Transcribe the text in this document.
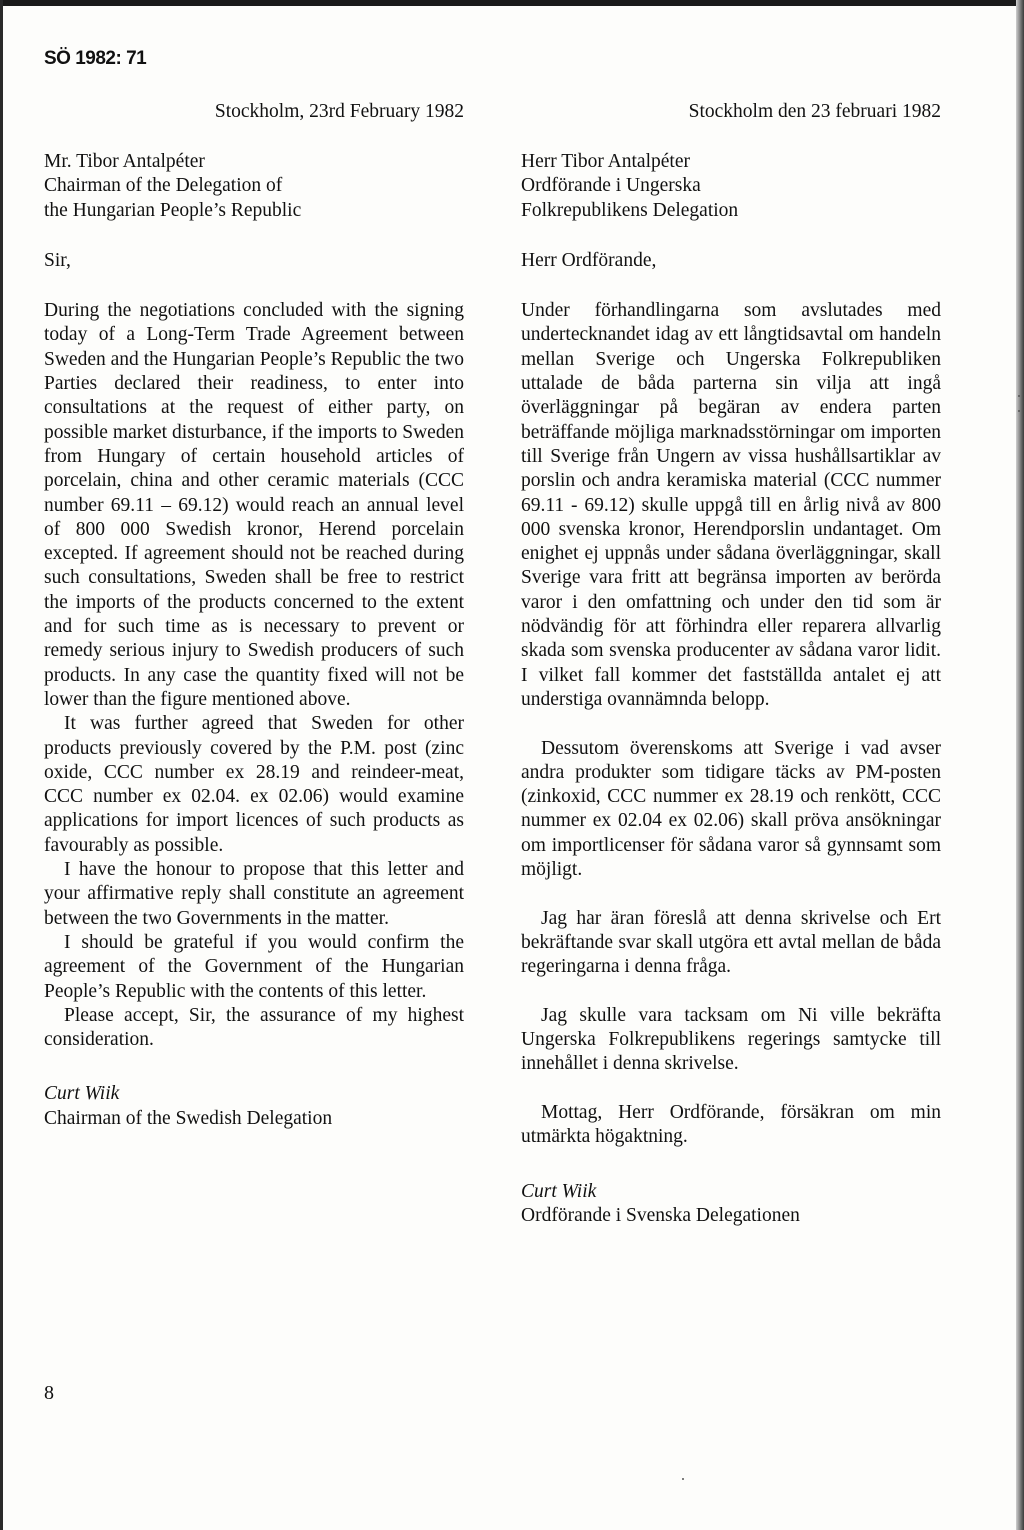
SÖ 1982: 71

Stockholm, 23rd February 1982

Mr. Tibor Antalpéter
Chairman of the Delegation of
the Hungarian People’s Republic

Sir,

During the negotiations concluded with the signing today of a Long-Term Trade Agreement between Sweden and the Hungarian People’s Republic the two Parties declared their readiness, to enter into consultations at the request of either party, on possible market disturbance, if the imports to Sweden from Hungary of certain household articles of porcelain, china and other ceramic materials (CCC number 69.11 – 69.12) would reach an annual level of 800 000 Swedish kronor, Herend porcelain excepted. If agreement should not be reached during such consultations, Sweden shall be free to restrict the imports of the products concerned to the extent and for such time as is necessary to prevent or remedy serious injury to Swedish producers of such products. In any case the quantity fixed will not be lower than the figure mentioned above.

It was further agreed that Sweden for other products previously covered by the P.M. post (zinc oxide, CCC number ex 28.19 and reindeer-meat, CCC number ex 02.04. ex 02.06) would examine applications for import licences of such products as favourably as possible.

I have the honour to propose that this letter and your affirmative reply shall constitute an agreement between the two Governments in the matter.

I should be grateful if you would confirm the agreement of the Government of the Hungarian People’s Republic with the contents of this letter.

Please accept, Sir, the assurance of my highest consideration.

Curt Wiik
Chairman of the Swedish Delegation

Stockholm den 23 februari 1982

Herr Tibor Antalpéter
Ordförande i Ungerska
Folkrepublikens Delegation

Herr Ordförande,

Under förhandlingarna som avslutades med undertecknandet idag av ett långtidsavtal om handeln mellan Sverige och Ungerska Folkrepubliken uttalade de båda parterna sin vilja att ingå överläggningar på begäran av endera parten beträffande möjliga marknadsstörningar om importen till Sverige från Ungern av vissa hushållsartiklar av porslin och andra keramiska material (CCC nummer 69.11 - 69.12) skulle uppgå till en årlig nivå av 800 000 svenska kronor, Herendporslin undantaget. Om enighet ej uppnås under sådana överläggningar, skall Sverige vara fritt att begränsa importen av berörda varor i den omfattning och under den tid som är nödvändig för att förhindra eller reparera allvarlig skada som svenska producenter av sådana varor lidit. I vilket fall kommer det fastställda antalet ej att understiga ovannämnda belopp.

Dessutom överenskoms att Sverige i vad avser andra produkter som tidigare täcks av PM-posten (zinkoxid, CCC nummer ex 28.19 och renkött, CCC nummer ex 02.04 ex 02.06) skall pröva ansökningar om importlicenser för sådana varor så gynnsamt som möjligt.

Jag har äran föreslå att denna skrivelse och Ert bekräftande svar skall utgöra ett avtal mellan de båda regeringarna i denna fråga.

Jag skulle vara tacksam om Ni ville bekräfta Ungerska Folkrepublikens regerings samtycke till innehållet i denna skrivelse.

Mottag, Herr Ordförande, försäkran om min utmärkta högaktning.

Curt Wiik
Ordförande i Svenska Delegationen
8
